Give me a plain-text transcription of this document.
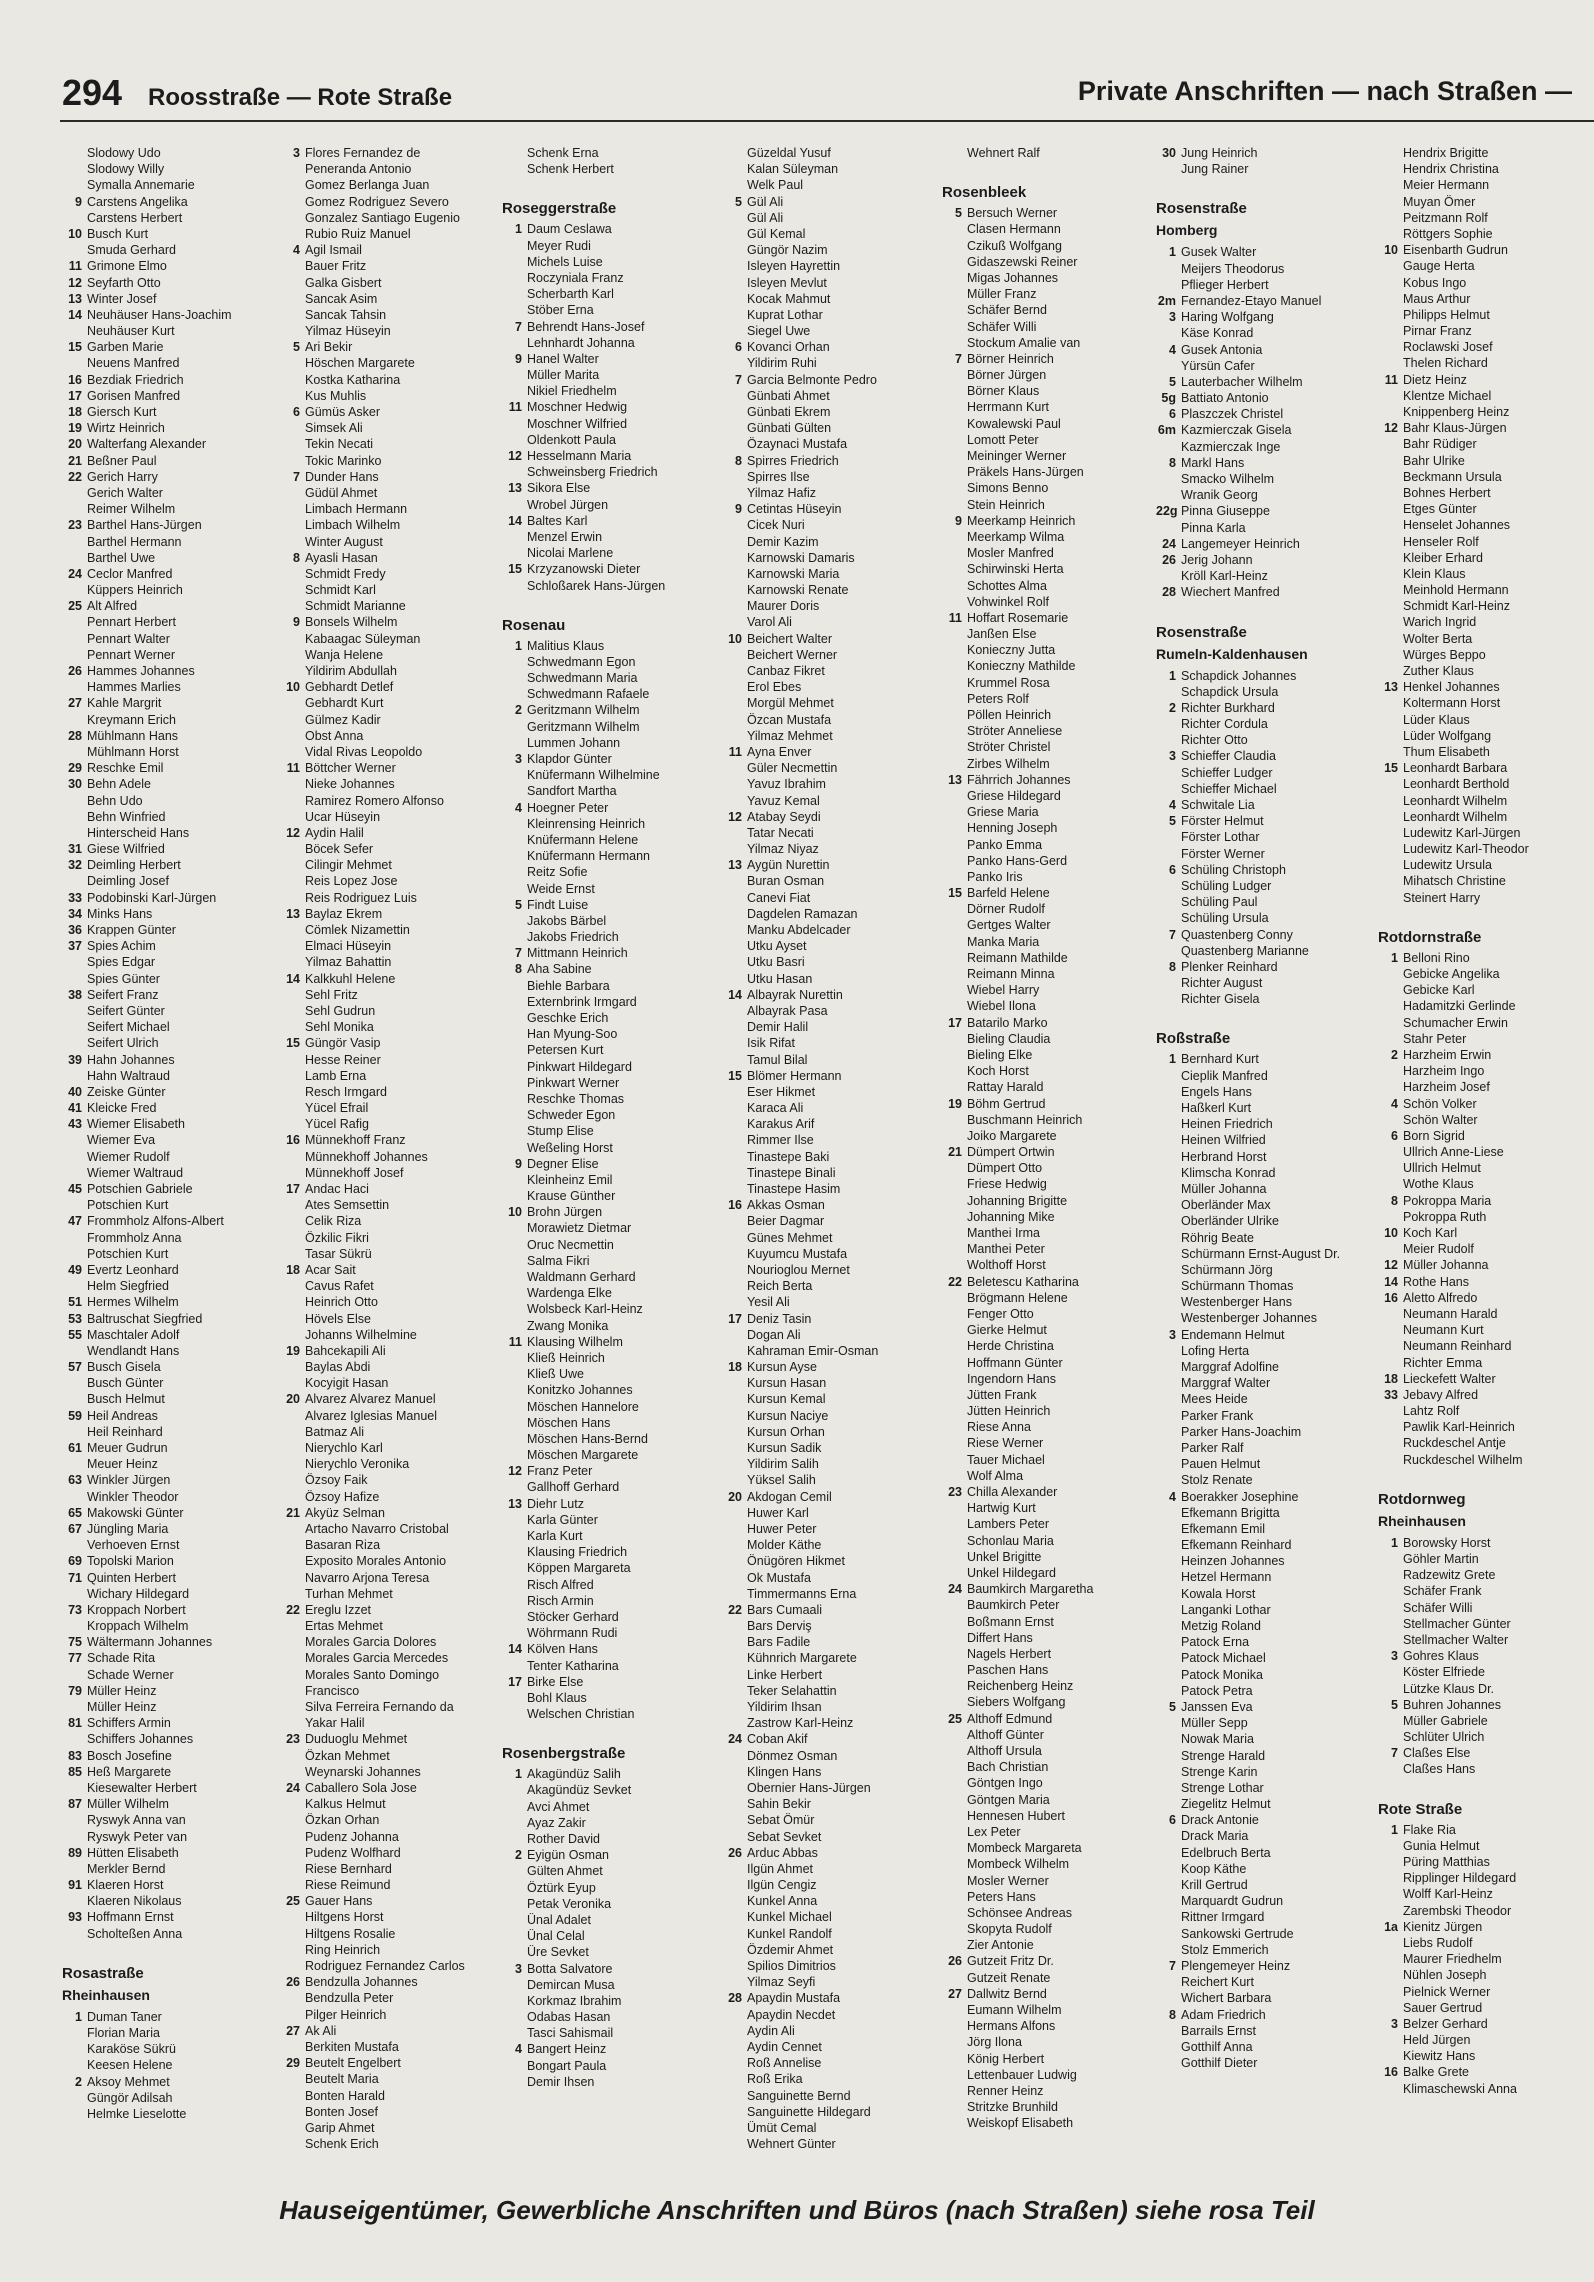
294 Roosstraße — Rote Straße	Private Anschriften — nach Straßen —
Slodowy Udo
Slodowy Willy
Symalla Annemarie
9 Carstens Angelika
Carstens Herbert
10 Busch Kurt
Smuda Gerhard
11 Grimone Elmo
12 Seyfarth Otto
13 Winter Josef
14 Neuhäuser Hans-Joachim
Neuhäuser Kurt
15 Garben Marie
Neuens Manfred
16 Bezdiak Friedrich
17 Gorisen Manfred
18 Giersch Kurt
19 Wirtz Heinrich
20 Walterfang Alexander
21 Beßner Paul
22 Gerich Harry
Gerich Walter
Reimer Wilhelm
23 Barthel Hans-Jürgen
Barthel Hermann
Barthel Uwe
24 Ceclor Manfred
Küppers Heinrich
25 Alt Alfred
Pennart Herbert
Pennart Walter
Pennart Werner
26 Hammes Johannes
Hammes Marlies
27 Kahle Margrit
Kreymann Erich
28 Mühlmann Hans
Mühlmann Horst
29 Reschke Emil
30 Behn Adele
Behn Udo
Behn Winfried
Hinterscheid Hans
31 Giese Wilfried
32 Deimling Herbert
Deimling Josef
33 Podobinski Karl-Jürgen
34 Minks Hans
36 Krappen Günter
37 Spies Achim
Spies Edgar
Spies Günter
38 Seifert Franz
Seifert Günter
Seifert Michael
Seifert Ulrich
39 Hahn Johannes
Hahn Waltraud
40 Zeiske Günter
41 Kleicke Fred
43 Wiemer Elisabeth
Wiemer Eva
Wiemer Rudolf
Wiemer Waltraud
45 Potschien Gabriele
Potschien Kurt
47 Frommholz Alfons-Albert
Frommholz Anna
Potschien Kurt
49 Evertz Leonhard
Helm Siegfried
51 Hermes Wilhelm
53 Baltruschat Siegfried
55 Maschtaler Adolf
Wendlandt Hans
57 Busch Gisela
Busch Günter
Busch Helmut
59 Heil Andreas
Heil Reinhard
61 Meuer Gudrun
Meuer Heinz
63 Winkler Jürgen
Winkler Theodor
65 Makowski Günter
67 Jüngling Maria
Verhoeven Ernst
69 Topolski Marion
71 Quinten Herbert
Wichary Hildegard
73 Kroppach Norbert
Kroppach Wilhelm
75 Wältermann Johannes
77 Schade Rita
Schade Werner
79 Müller Heinz
Müller Heinz
81 Schiffers Armin
Schiffers Johannes
83 Bosch Josefine
85 Heß Margarete
Kiesewalter Herbert
87 Müller Wilhelm
Ryswyk Anna van
Ryswyk Peter van
89 Hütten Elisabeth
Merkler Bernd
91 Klaeren Horst
Klaeren Nikolaus
93 Hoffmann Ernst
Scholteßen Anna
Rosastraße
Rheinhausen
1 Duman Taner
Florian Maria
Karaköse Sükrü
Keesen Helene
2 Aksoy Mehmet
Güngör Adilsah
Helmke Lieselotte
3 Flores Fernandez de
Peneranda Antonio
Gomez Berlanga Juan
Gomez Rodriguez Severo
Gonzalez Santiago Eugenio
Rubio Ruiz Manuel
4 Agil Ismail
Bauer Fritz
Galka Gisbert
Sancak Asim
Sancak Tahsin
Yilmaz Hüseyin
5 Ari Bekir
Höschen Margarete
Kostka Katharina
Kus Muhlis
6 Gümüs Asker
Simsek Ali
Tekin Necati
Tokic Marinko
7 Dunder Hans
Güdül Ahmet
Limbach Hermann
Limbach Wilhelm
Winter August
8 Ayasli Hasan
Schmidt Fredy
Schmidt Karl
Schmidt Marianne
9 Bonsels Wilhelm
Kabaagac Süleyman
Wanja Helene
Yildirim Abdullah
10 Gebhardt Detlef
Gebhardt Kurt
Gülmez Kadir
Obst Anna
Vidal Rivas Leopoldo
11 Böttcher Werner
Nieke Johannes
Ramirez Romero Alfonso
Ucar Hüseyin
12 Aydin Halil
Böcek Sefer
Cilingir Mehmet
Reis Lopez Jose
Reis Rodriguez Luis
13 Baylaz Ekrem
Cömlek Nizamettin
Elmaci Hüseyin
Yilmaz Bahattin
14 Kalkkuhl Helene
Sehl Fritz
Sehl Gudrun
Sehl Monika
15 Güngör Vasip
Hesse Reiner
Lamb Erna
Resch Irmgard
Yücel Efrail
Yücel Rafig
16 Münnekhoff Franz
Münnekhoff Johannes
Münnekhoff Josef
17 Andac Haci
Ates Semsettin
Celik Riza
Özkilic Fikri
Tasar Sükrü
18 Acar Sait
Cavus Rafet
Heinrich Otto
Hövels Else
Johanns Wilhelmine
19 Bahcekapili Ali
Baylas Abdi
Kocyigit Hasan
20 Alvarez Alvarez Manuel
Alvarez Iglesias Manuel
Batmaz Ali
Nierychlo Karl
Nierychlo Veronika
Özsoy Faik
Özsoy Hafize
21 Akyüz Selman
Artacho Navarro Cristobal
Basaran Riza
Exposito Morales Antonio
Navarro Arjona Teresa
Turhan Mehmet
22 Ereglu Izzet
Ertas Mehmet
Morales Garcia Dolores
Morales Garcia Mercedes
Morales Santo Domingo
Francisco
Silva Ferreira Fernando da
Yakar Halil
23 Duduoglu Mehmet
Özkan Mehmet
Weynarski Johannes
24 Caballero Sola Jose
Kalkus Helmut
Özkan Orhan
Pudenz Johanna
Pudenz Wolfhard
Riese Bernhard
Riese Reimund
25 Gauer Hans
Hiltgens Horst
Hiltgens Rosalie
Ring Heinrich
Rodriguez Fernandez Carlos
26 Bendzulla Johannes
Bendzulla Peter
Pilger Heinrich
27 Ak Ali
Berkiten Mustafa
29 Beutelt Engelbert
Beutelt Maria
Bonten Harald
Bonten Josef
Garip Ahmet
Schenk Erich
Schenk Erna
Schenk Herbert
Roseggerstraße
1 Daum Ceslawa
Meyer Rudi
Michels Luise
Roczyniala Franz
Scherbarth Karl
Stöber Erna
7 Behrendt Hans-Josef
Lehnhardt Johanna
9 Hanel Walter
Müller Marita
Nikiel Friedhelm
11 Moschner Hedwig
Moschner Wilfried
Oldenkott Paula
12 Hesselmann Maria
Schweinsberg Friedrich
13 Sikora Else
Wrobel Jürgen
14 Baltes Karl
Menzel Erwin
Nicolai Marlene
15 Krzyzanowski Dieter
Schloßarek Hans-Jürgen
Rosenau
1 Malitius Klaus
Schwedmann Egon
Schwedmann Maria
Schwedmann Rafaele
2 Geritzmann Wilhelm
Geritzmann Wilhelm
Lummen Johann
3 Klapdor Günter
Knüfermann Wilhelmine
Sandfort Martha
4 Hoegner Peter
Kleinrensing Heinrich
Knüfermann Helene
Knüfermann Hermann
Reitz Sofie
Weide Ernst
5 Findt Luise
Jakobs Bärbel
Jakobs Friedrich
7 Mittmann Heinrich
8 Aha Sabine
Biehle Barbara
Externbrink Irmgard
Geschke Erich
Han Myung-Soo
Petersen Kurt
Pinkwart Hildegard
Pinkwart Werner
Reschke Thomas
Schweder Egon
Stump Elise
Weßeling Horst
9 Degner Elise
Kleinheinz Emil
Krause Günther
10 Brohn Jürgen
Morawietz Dietmar
Oruc Necmettin
Salma Fikri
Waldmann Gerhard
Wardenga Elke
Wolsbeck Karl-Heinz
Zwang Monika
11 Klausing Wilhelm
Kließ Heinrich
Kließ Uwe
Konitzko Johannes
Möschen Hannelore
Möschen Hans
Möschen Hans-Bernd
Möschen Margarete
12 Franz Peter
Gallhoff Gerhard
13 Diehr Lutz
Karla Günter
Karla Kurt
Klausing Friedrich
Köppen Margareta
Risch Alfred
Risch Armin
Stöcker Gerhard
Wöhrmann Rudi
14 Kölven Hans
Tenter Katharina
17 Birke Else
Bohl Klaus
Welschen Christian
Rosenbergstraße
1 Akagündüz Salih
Akagündüz Sevket
Avci Ahmet
Ayaz Zakir
Rother David
2 Eyigün Osman
Gülten Ahmet
Öztürk Eyup
Petak Veronika
Ünal Adalet
Ünal Celal
Üre Sevket
3 Botta Salvatore
Demircan Musa
Korkmaz Ibrahim
Odabas Hasan
Tasci Sahismail
4 Bangert Heinz
Bongart Paula
Demir Ihsen
Güzeldal Yusuf
Kalan Süleyman
Welk Paul
5 Gül Ali
Gül Ali
Gül Kemal
Güngör Nazim
Isleyen Hayrettin
Isleyen Mevlut
Kocak Mahmut
Kuprat Lothar
Siegel Uwe
6 Kovanci Orhan
Yildirim Ruhi
7 Garcia Belmonte Pedro
Günbati Ahmet
Günbati Ekrem
Günbati Gülten
Özaynaci Mustafa
8 Spirres Friedrich
Spirres Ilse
Yilmaz Hafiz
9 Cetintas Hüseyin
Cicek Nuri
Demir Kazim
Karnowski Damaris
Karnowski Maria
Karnowski Renate
Maurer Doris
Varol Ali
10 Beichert Walter
Beichert Werner
Canbaz Fikret
Erol Ebes
Morgül Mehmet
Özcan Mustafa
Yilmaz Mehmet
11 Ayna Enver
Güler Necmettin
Yavuz Ibrahim
Yavuz Kemal
12 Atabay Seydi
Tatar Necati
Yilmaz Niyaz
13 Aygün Nurettin
Buran Osman
Canevi Fiat
Dagdelen Ramazan
Manku Abdelcader
Utku Ayset
Utku Basri
Utku Hasan
14 Albayrak Nurettin
Albayrak Pasa
Demir Halil
Isik Rifat
Tamul Bilal
15 Blömer Hermann
Eser Hikmet
Karaca Ali
Karakus Arif
Rimmer Ilse
Tinastepe Baki
Tinastepe Binali
Tinastepe Hasim
16 Akkas Osman
Beier Dagmar
Günes Mehmet
Kuyumcu Mustafa
Nourioglou Mernet
Reich Berta
Yesil Ali
17 Deniz Tasin
Dogan Ali
Kahraman Emir-Osman
18 Kursun Ayse
Kursun Hasan
Kursun Kemal
Kursun Naciye
Kursun Orhan
Kursun Sadik
Yildirim Salih
Yüksel Salih
20 Akdogan Cemil
Huwer Karl
Huwer Peter
Molder Käthe
Önügören Hikmet
Ok Mustafa
Timmermanns Erna
22 Bars Cumaali
Bars Derviş
Bars Fadile
Kühnrich Margarete
Linke Herbert
Teker Selahattin
Yildirim Ihsan
Zastrow Karl-Heinz
24 Coban Akif
Dönmez Osman
Klingen Hans
Obernier Hans-Jürgen
Sahin Bekir
Sebat Ömür
Sebat Sevket
26 Arduc Abbas
Ilgün Ahmet
Ilgün Cengiz
Kunkel Anna
Kunkel Michael
Kunkel Randolf
Özdemir Ahmet
Spilios Dimitrios
Yilmaz Seyfi
28 Apaydin Mustafa
Apaydin Necdet
Aydin Ali
Aydin Cennet
Roß Annelise
Roß Erika
Sanguinette Bernd
Sanguinette Hildegard
Ümüt Cemal
Wehnert Günter
Wehnert Ralf
Rosenbleek
5 Bersuch Werner
Clasen Hermann
Czikuß Wolfgang
Gidaszewski Reiner
Migas Johannes
Müller Franz
Schäfer Bernd
Schäfer Willi
Stockum Amalie van
7 Börner Heinrich
Börner Jürgen
Börner Klaus
Herrmann Kurt
Kowalewski Paul
Lomott Peter
Meininger Werner
Präkels Hans-Jürgen
Simons Benno
Stein Heinrich
9 Meerkamp Heinrich
Meerkamp Wilma
Mosler Manfred
Schirwinski Herta
Schottes Alma
Vohwinkel Rolf
11 Hoffart Rosemarie
Janßen Else
Konieczny Jutta
Konieczny Mathilde
Krummel Rosa
Peters Rolf
Pöllen Heinrich
Ströter Anneliese
Ströter Christel
Zirbes Wilhelm
13 Fährrich Johannes
Griese Hildegard
Griese Maria
Henning Joseph
Panko Emma
Panko Hans-Gerd
Panko Iris
15 Barfeld Helene
Dörner Rudolf
Gertges Walter
Manka Maria
Reimann Mathilde
Reimann Minna
Wiebel Harry
Wiebel Ilona
17 Batarilo Marko
Bieling Claudia
Bieling Elke
Koch Horst
Rattay Harald
19 Böhm Gertrud
Buschmann Heinrich
Joiko Margarete
21 Dümpert Ortwin
Dümpert Otto
Friese Hedwig
Johanning Brigitte
Johanning Mike
Manthei Irma
Manthei Peter
Wolthoff Horst
22 Beletescu Katharina
Brögmann Helene
Fenger Otto
Gierke Helmut
Herde Christina
Hoffmann Günter
Ingendorn Hans
Jütten Frank
Jütten Heinrich
Riese Anna
Riese Werner
Tauer Michael
Wolf Alma
23 Chilla Alexander
Hartwig Kurt
Lambers Peter
Schonlau Maria
Unkel Brigitte
Unkel Hildegard
24 Baumkirch Margaretha
Baumkirch Peter
Boßmann Ernst
Differt Hans
Nagels Herbert
Paschen Hans
Reichenberg Heinz
Siebers Wolfgang
25 Althoff Edmund
Althoff Günter
Althoff Ursula
Bach Christian
Göntgen Ingo
Göntgen Maria
Hennesen Hubert
Lex Peter
Mombeck Margareta
Mombeck Wilhelm
Mosler Werner
Peters Hans
Schönsee Andreas
Skopyta Rudolf
Zier Antonie
26 Gutzeit Fritz Dr.
Gutzeit Renate
27 Dallwitz Bernd
Eumann Wilhelm
Hermans Alfons
Jörg Ilona
König Herbert
Lettenbauer Ludwig
Renner Heinz
Stritzke Brunhild
Weiskopf Elisabeth
30 Jung Heinrich
Jung Rainer
Rosenstraße
Homberg
1 Gusek Walter
Meijers Theodorus
Pflieger Herbert
2m Fernandez-Etayo Manuel
3 Haring Wolfgang
Käse Konrad
4 Gusek Antonia
Yürsün Cafer
5 Lauterbacher Wilhelm
5g Battiato Antonio
6 Plaszczek Christel
6m Kazmierczak Gisela
Kazmierczak Inge
8 Markl Hans
Smacko Wilhelm
Wranik Georg
22g Pinna Giuseppe
Pinna Karla
24 Langemeyer Heinrich
26 Jerig Johann
Kröll Karl-Heinz
28 Wiechert Manfred
Rosenstraße
Rumeln-Kaldenhausen
1 Schapdick Johannes
Schapdick Ursula
2 Richter Burkhard
Richter Cordula
Richter Otto
3 Schieffer Claudia
Schieffer Ludger
Schieffer Michael
4 Schwitale Lia
5 Förster Helmut
Förster Lothar
Förster Werner
6 Schüling Christoph
Schüling Ludger
Schüling Paul
Schüling Ursula
7 Quastenberg Conny
Quastenberg Marianne
8 Plenker Reinhard
Richter August
Richter Gisela
Roßstraße
1 Bernhard Kurt
Cieplik Manfred
Engels Hans
Haßkerl Kurt
Heinen Friedrich
Heinen Wilfried
Herbrand Horst
Klimscha Konrad
Müller Johanna
Oberländer Max
Oberländer Ulrike
Röhrig Beate
Schürmann Ernst-August Dr.
Schürmann Jörg
Schürmann Thomas
Westenberger Hans
Westenberger Johannes
3 Endemann Helmut
Lofing Herta
Marggraf Adolfine
Marggraf Walter
Mees Heide
Parker Frank
Parker Hans-Joachim
Parker Ralf
Pauen Helmut
Stolz Renate
4 Boerakker Josephine
Efkemann Brigitta
Efkemann Emil
Efkemann Reinhard
Heinzen Johannes
Hetzel Hermann
Kowala Horst
Langanki Lothar
Metzig Roland
Patock Erna
Patock Michael
Patock Monika
Patock Petra
5 Janssen Eva
Müller Sepp
Nowak Maria
Strenge Harald
Strenge Karin
Strenge Lothar
Ziegelitz Helmut
6 Drack Antonie
Drack Maria
Edelbruch Berta
Koop Käthe
Krill Gertrud
Marquardt Gudrun
Rittner Irmgard
Sankowski Gertrude
Stolz Emmerich
7 Plengemeyer Heinz
Reichert Kurt
Wichert Barbara
8 Adam Friedrich
Barrails Ernst
Gotthilf Anna
Gotthilf Dieter
Hendrix Brigitte
Hendrix Christina
Meier Hermann
Muyan Ömer
Peitzmann Rolf
Röttgers Sophie
10 Eisenbarth Gudrun
Gauge Herta
Kobus Ingo
Maus Arthur
Philipps Helmut
Pirnar Franz
Roclawski Josef
Thelen Richard
11 Dietz Heinz
Klentze Michael
Knippenberg Heinz
12 Bahr Klaus-Jürgen
Bahr Rüdiger
Bahr Ulrike
Beckmann Ursula
Bohnes Herbert
Etges Günter
Henselet Johannes
Henseler Rolf
Kleiber Erhard
Klein Klaus
Meinhold Hermann
Schmidt Karl-Heinz
Warich Ingrid
Wolter Berta
Würges Beppo
Zuther Klaus
13 Henkel Johannes
Koltermann Horst
Lüder Klaus
Lüder Wolfgang
Thum Elisabeth
15 Leonhardt Barbara
Leonhardt Berthold
Leonhardt Wilhelm
Leonhardt Wilhelm
Ludewitz Karl-Jürgen
Ludewitz Karl-Theodor
Ludewitz Ursula
Mihatsch Christine
Steinert Harry
Rotdornstraße
1 Belloni Rino
Gebicke Angelika
Gebicke Karl
Hadamitzki Gerlinde
Schumacher Erwin
Stahr Peter
2 Harzheim Erwin
Harzheim Ingo
Harzheim Josef
4 Schön Volker
Schön Walter
6 Born Sigrid
Ullrich Anne-Liese
Ullrich Helmut
Wothe Klaus
8 Pokroppa Maria
Pokroppa Ruth
10 Koch Karl
Meier Rudolf
12 Müller Johanna
14 Rothe Hans
16 Aletto Alfredo
Neumann Harald
Neumann Kurt
Neumann Reinhard
Richter Emma
18 Lieckefett Walter
33 Jebavy Alfred
Lahtz Rolf
Pawlik Karl-Heinrich
Ruckdeschel Antje
Ruckdeschel Wilhelm
Rotdornweg
Rheinhausen
1 Borowsky Horst
Göhler Martin
Radzewitz Grete
Schäfer Frank
Schäfer Willi
Stellmacher Günter
Stellmacher Walter
3 Gohres Klaus
Köster Elfriede
Lützke Klaus Dr.
5 Buhren Johannes
Müller Gabriele
Schlüter Ulrich
7 Claßes Else
Claßes Hans
Rote Straße
1 Flake Ria
Gunia Helmut
Püring Matthias
Ripplinger Hildegard
Wolff Karl-Heinz
Zarembski Theodor
1a Kienitz Jürgen
Liebs Rudolf
Maurer Friedhelm
Nühlen Joseph
Pielnick Werner
Sauer Gertrud
3 Belzer Gerhard
Held Jürgen
Kiewitz Hans
16 Balke Grete
Klimaschewski Anna
Hauseigentümer, Gewerbliche Anschriften und Büros (nach Straßen) siehe rosa Teil
